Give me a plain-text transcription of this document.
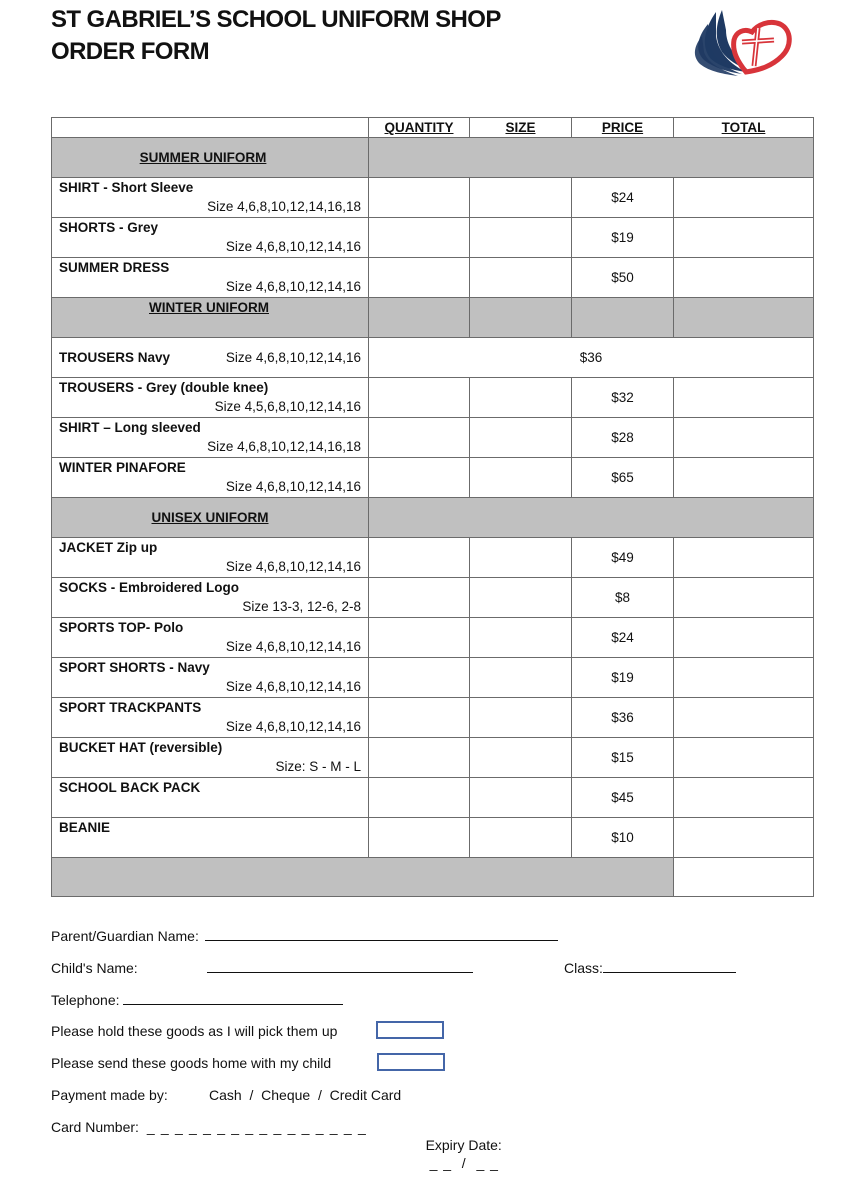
ST GABRIEL’S SCHOOL UNIFORM SHOP
ORDER FORM
	QUANTITY	SIZE	PRICE	TOTAL

SUMMER UNIFORM				

SHIRT - Short Sleeve
Size 4,6,8,10,12,14,16,18			$24	

SHORTS - Grey
Size 4,6,8,10,12,14,16			$19	

SUMMER DRESS
Size 4,6,8,10,12,14,16			$50	

WINTER UNIFORM				

TROUSERS Navy Size 4,6,8,10,12,14,16	$36			

TROUSERS - Grey (double knee)
Size 4,5,6,8,10,12,14,16			$32	

SHIRT – Long sleeved
Size 4,6,8,10,12,14,16,18			$28	

WINTER PINAFORE
Size 4,6,8,10,12,14,16			$65	

UNISEX UNIFORM				

JACKET Zip up
Size 4,6,8,10,12,14,16			$49	

SOCKS - Embroidered Logo
Size 13-3, 12-6, 2-8			$8	

SPORTS TOP- Polo
Size 4,6,8,10,12,14,16			$24	

SPORT SHORTS - Navy
Size 4,6,8,10,12,14,16			$19	

SPORT TRACKPANTS
Size 4,6,8,10,12,14,16			$36	

BUCKET HAT (reversible)
Size: S - M - L			$15	

SCHOOL BACK PACK			$45	

BEANIE			$10	

Parent/Guardian Name:
Child's Name:	Class:
Telephone:
Please hold these goods as I will pick them up
Please send these goods home with my child
Payment made by:	Cash  /  Cheque  /  Credit Card
Card Number: _ _ _ _ _ _ _ _ _ _ _ _ _ _ _ _

Expiry Date:
_ _  /  _ _
